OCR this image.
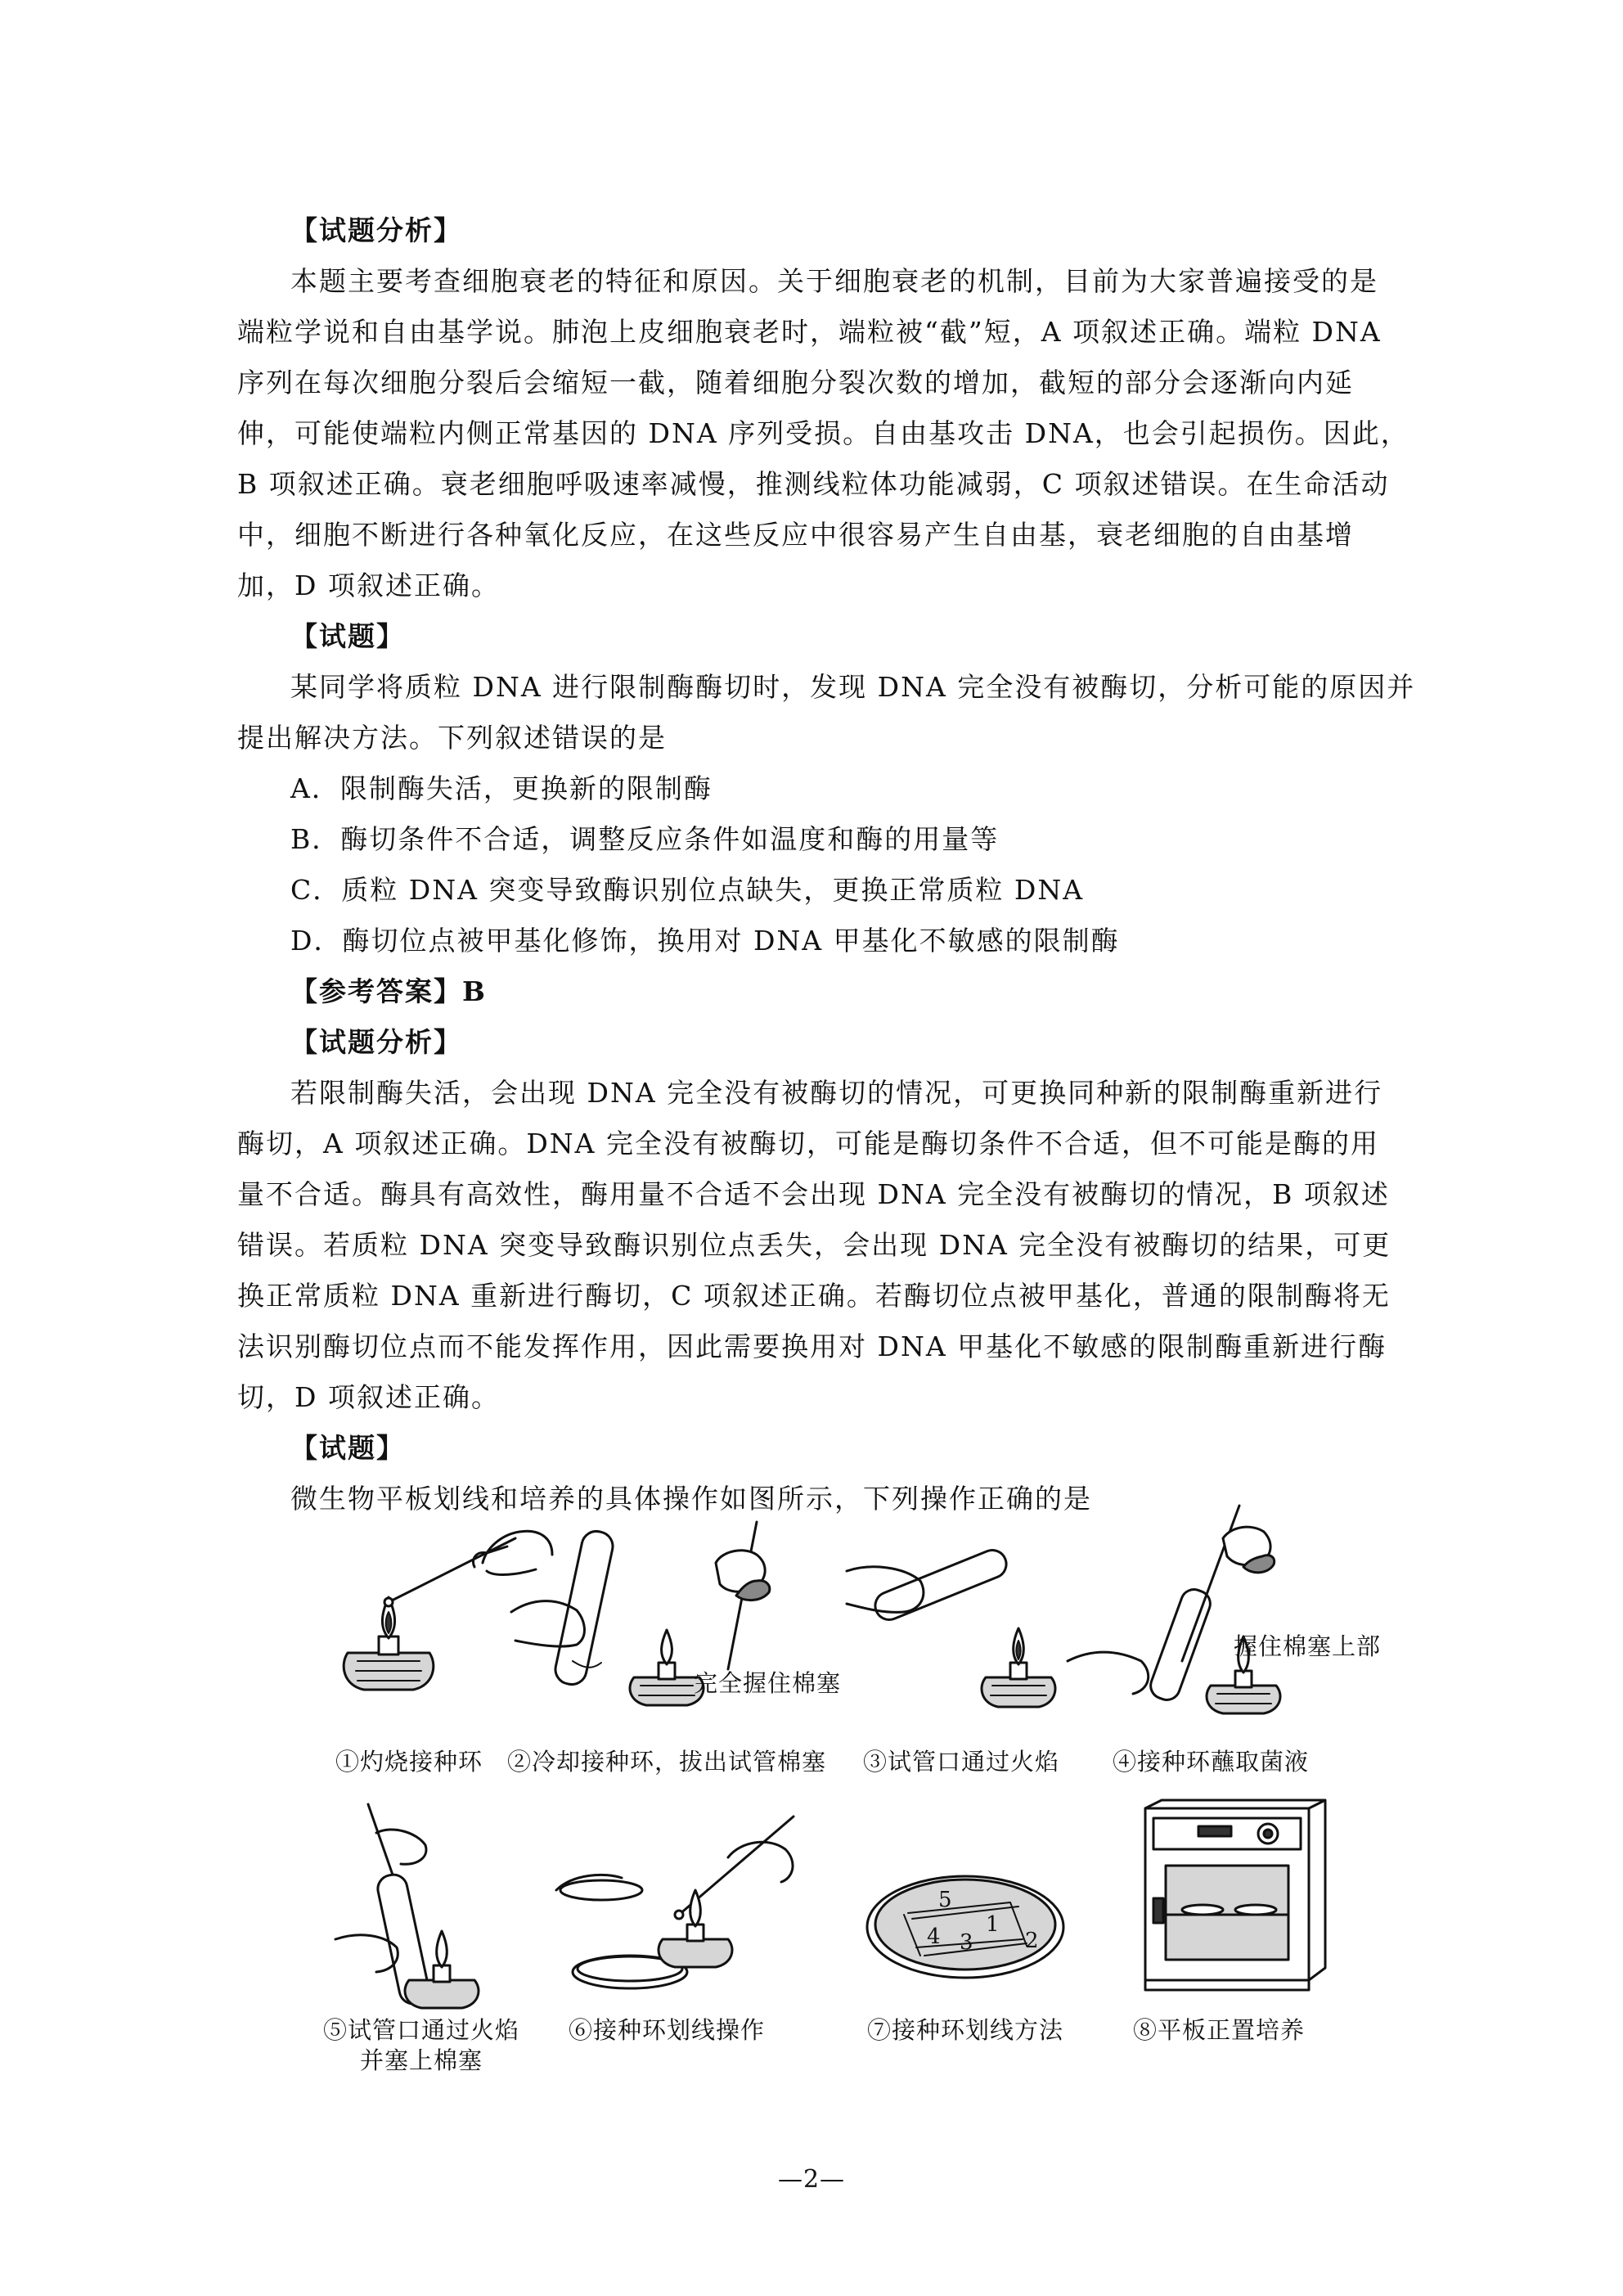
【试题分析】
本题主要考查细胞衰老的特征和原因。关于细胞衰老的机制，目前为大家普遍接受的是
端粒学说和自由基学说。肺泡上皮细胞衰老时，端粒被“截”短，A 项叙述正确。端粒 DNA
序列在每次细胞分裂后会缩短一截，随着细胞分裂次数的增加，截短的部分会逐渐向内延
伸，可能使端粒内侧正常基因的 DNA 序列受损。自由基攻击 DNA，也会引起损伤。因此，
B 项叙述正确。衰老细胞呼吸速率减慢，推测线粒体功能减弱，C 项叙述错误。在生命活动
中，细胞不断进行各种氧化反应，在这些反应中很容易产生自由基，衰老细胞的自由基增
加，D 项叙述正确。
【试题】
某同学将质粒 DNA 进行限制酶酶切时，发现 DNA 完全没有被酶切，分析可能的原因并
提出解决方法。下列叙述错误的是
A．限制酶失活，更换新的限制酶
B．酶切条件不合适，调整反应条件如温度和酶的用量等
C．质粒 DNA 突变导致酶识别位点缺失，更换正常质粒 DNA
D．酶切位点被甲基化修饰，换用对 DNA 甲基化不敏感的限制酶
【参考答案】B
【试题分析】
若限制酶失活，会出现 DNA 完全没有被酶切的情况，可更换同种新的限制酶重新进行
酶切，A 项叙述正确。DNA 完全没有被酶切，可能是酶切条件不合适，但不可能是酶的用
量不合适。酶具有高效性，酶用量不合适不会出现 DNA 完全没有被酶切的情况，B 项叙述
错误。若质粒 DNA 突变导致酶识别位点丢失，会出现 DNA 完全没有被酶切的结果，可更
换正常质粒 DNA 重新进行酶切，C 项叙述正确。若酶切位点被甲基化，普通的限制酶将无
法识别酶切位点而不能发挥作用，因此需要换用对 DNA 甲基化不敏感的限制酶重新进行酶
切，D 项叙述正确。
【试题】
微生物平板划线和培养的具体操作如图所示，下列操作正确的是
完全握住棉塞
握住棉塞上部
5
1
2
3
4
①灼烧接种环	②冷却接种环，拔出试管棉塞	③试管口通过火焰	④接种环蘸取菌液
⑤试管口通过火焰
并塞上棉塞
⑥接种环划线操作	⑦接种环划线方法	⑧平板正置培养
—2—
